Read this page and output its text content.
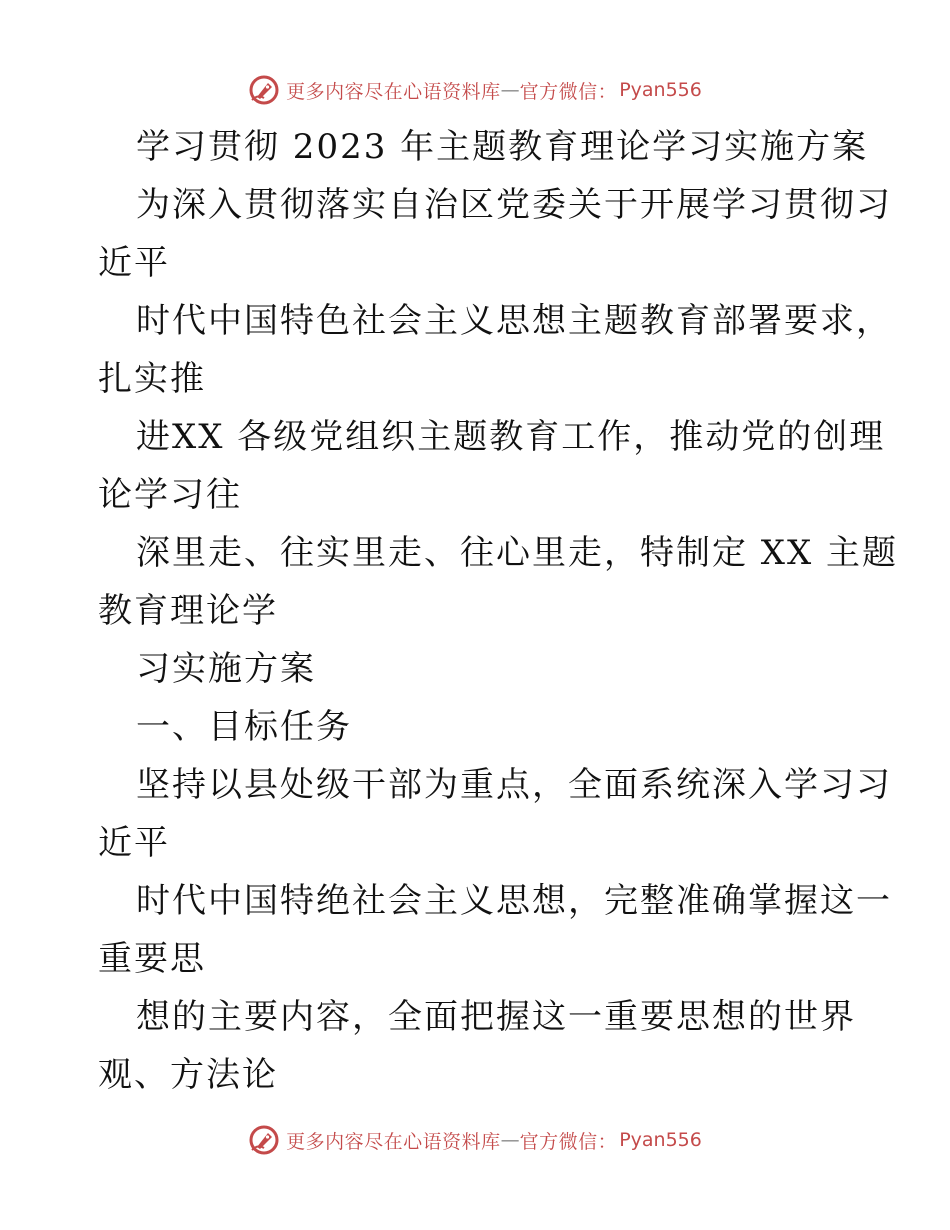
更多内容尽在心语资料库 — 官方微信： Pyan556
学习贯彻 2023 年主题教育理论学习实施方案
为深入贯彻落实自治区党委关于开展学习贯彻习
近平
时代中国特色社会主义思想主题教育部署要求，
扎实推
进XX 各级党组织主题教育工作，推动党的创理
论学习往
深里走、往实里走、往心里走，特制定 XX 主题
教育理论学
习实施方案
一、目标任务
坚持以县处级干部为重点，全面系统深入学习习
近平
时代中国特绝社会主义思想，完整准确掌握这一
重要思
想的主要内容，全面把握这一重要思想的世界
观、方法论
更多内容尽在心语资料库 — 官方微信： Pyan556
